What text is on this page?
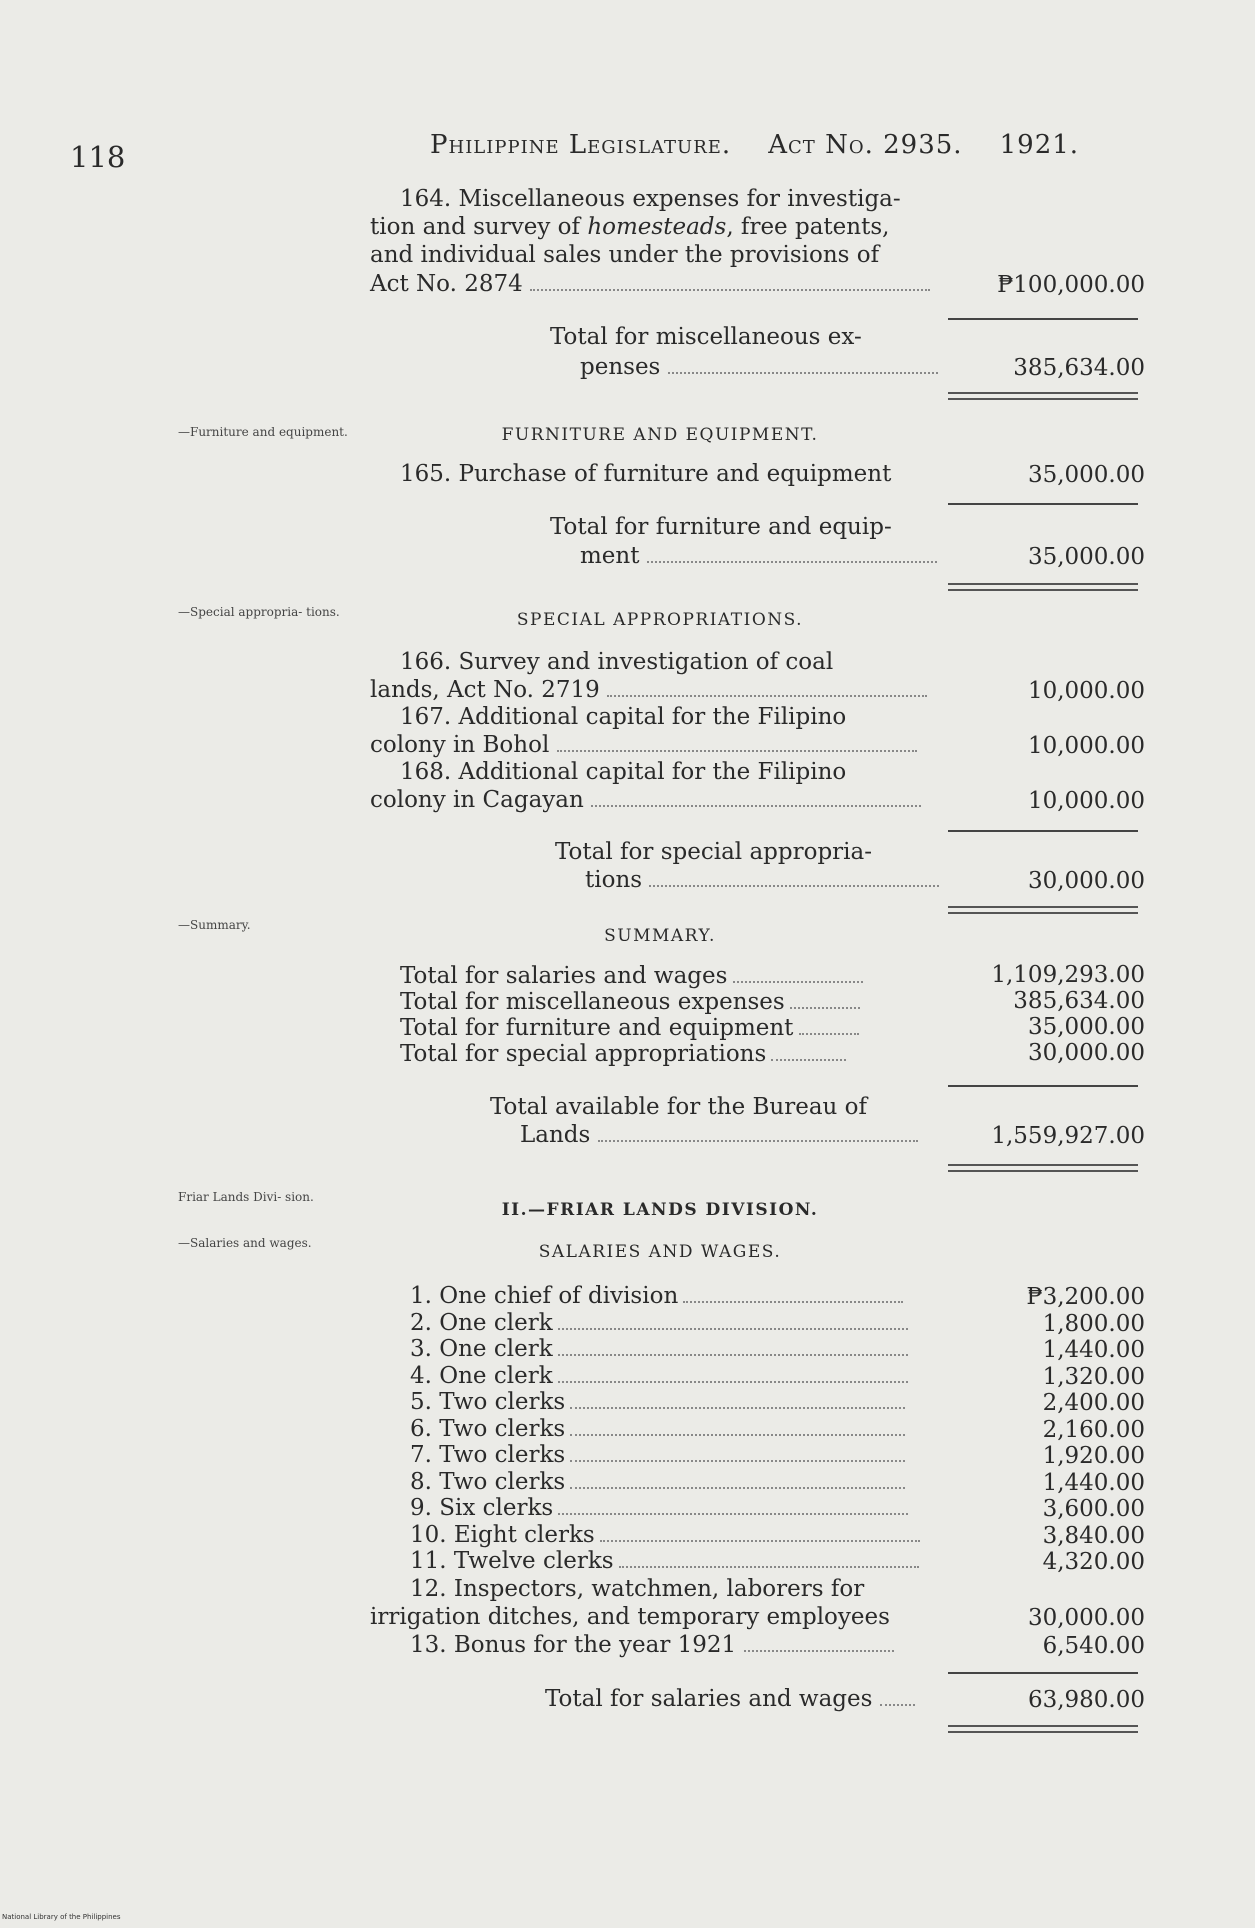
118	Philippine Legislature. Act No. 2935. 1921.
164. Miscellaneous expenses for investiga-
tion and survey of homesteads, free patents,
and individual sales under the provisions of
Act No. 2874	₱100,000.00
Total for miscellaneous ex-
penses	385,634.00
—Furniture and equipment.	FURNITURE AND EQUIPMENT.
165. Purchase of furniture and equipment	35,000.00
Total for furniture and equip-
ment	35,000.00
—Special appropria- tions.	SPECIAL APPROPRIATIONS.
166. Survey and investigation of coal
lands, Act No. 2719	10,000.00
167. Additional capital for the Filipino
colony in Bohol	10,000.00
168. Additional capital for the Filipino
colony in Cagayan	10,000.00
Total for special appropria-
tions	30,000.00
—Summary.
SUMMARY.
Total for salaries and wages	1,109,293.00
Total for miscellaneous expenses	385,634.00
Total for furniture and equipment	35,000.00
Total for special appropriations	30,000.00
Total available for the Bureau of
Lands	1,559,927.00
Friar Lands Divi- sion.
—Salaries and wages.
II.—FRIAR LANDS DIVISION.
SALARIES AND WAGES.
1. One chief of division	₱3,200.00
2. One clerk	1,800.00
3. One clerk	1,440.00
4. One clerk	1,320.00
5. Two clerks	2,400.00
6. Two clerks	2,160.00
7. Two clerks	1,920.00
8. Two clerks	1,440.00
9. Six clerks	3,600.00
10. Eight clerks	3,840.00
11. Twelve clerks	4,320.00
12. Inspectors, watchmen, laborers for
irrigation ditches, and temporary employees	30,000.00
13. Bonus for the year 1921	6,540.00
Total for salaries and wages	63,980.00
National Library of the Philippines
